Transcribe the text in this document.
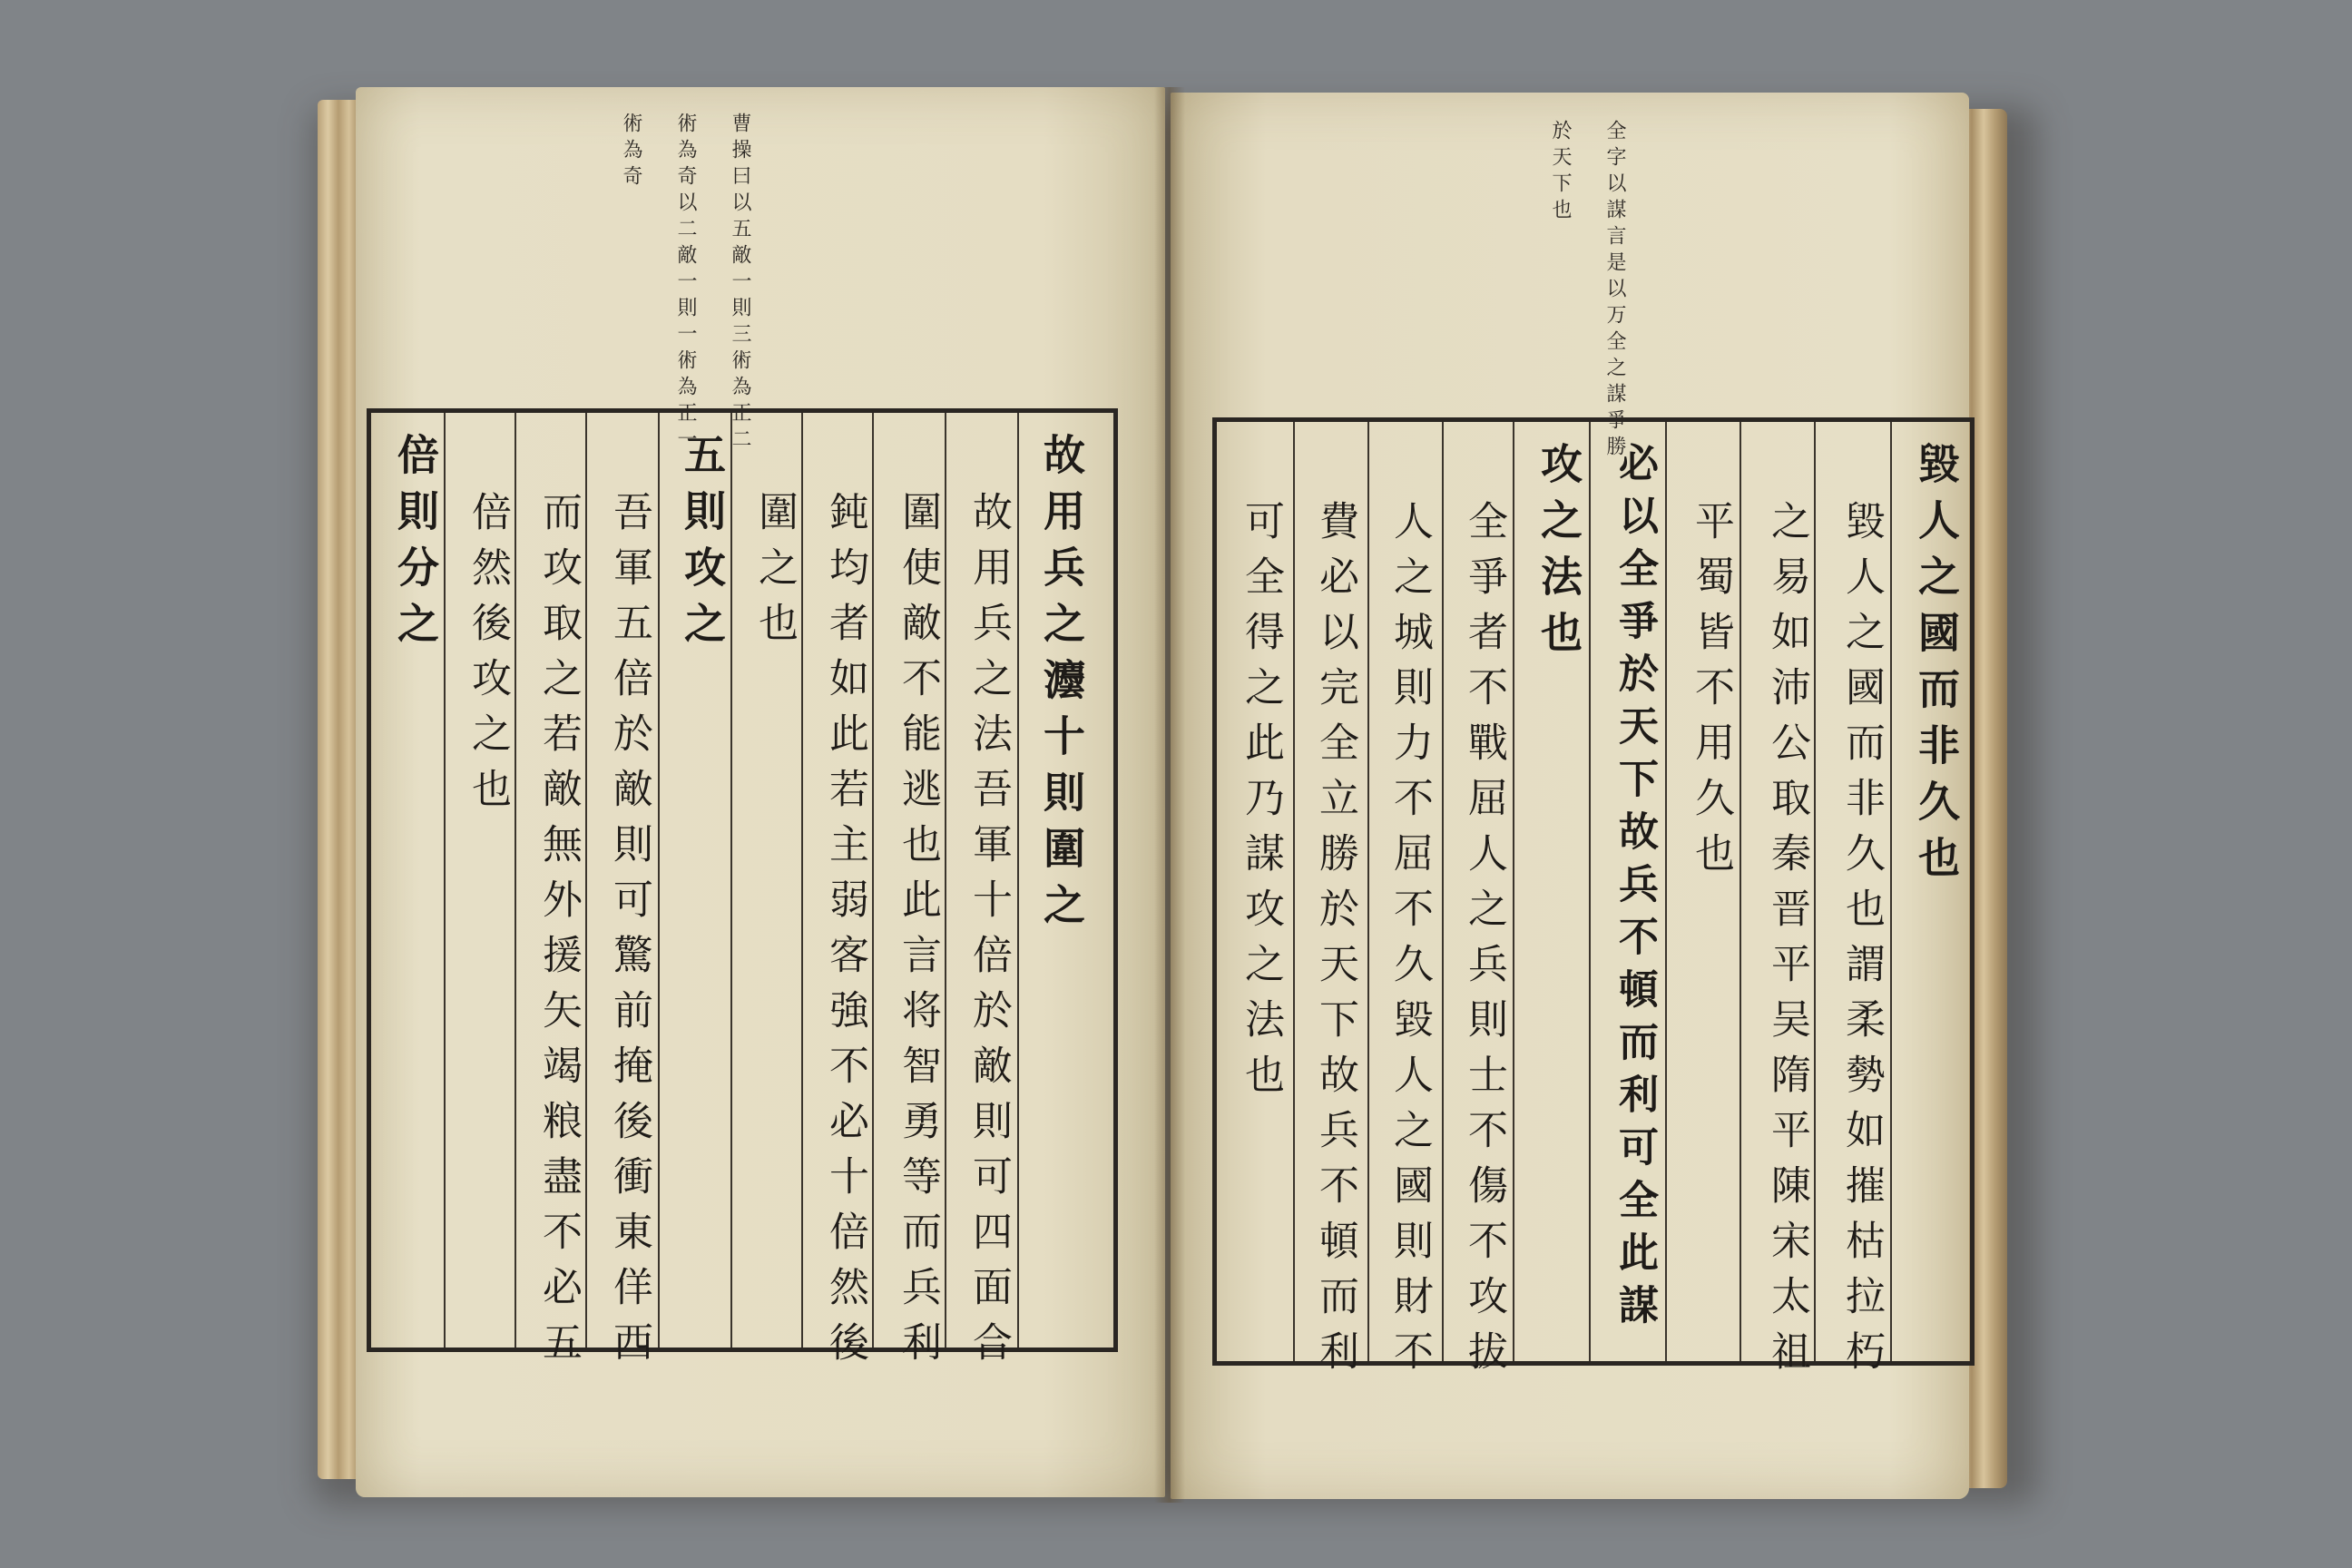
曹操曰以五敵一則三術為正二
術為奇以二敵一則一術為正一
術為奇	全字以謀言是以万全之謀爭勝
於天下也
故用兵之灋十則圍之
故用兵之法吾軍十倍於敵則可四面合
圍使敵不能逃也此言将智勇等而兵利
鈍均者如此若主弱客強不必十倍然後
圍之也
五則攻之
吾軍五倍於敵則可驚前掩後衝東佯西
而攻取之若敵無外援矢竭粮盡不必五
倍然後攻之也
倍則分之	毀人之國而非久也
毀人之國而非久也謂柔勢如摧枯拉朽
之易如沛公取秦晋平吴隋平陳宋太祖
平蜀皆不用久也
必以全爭於天下故兵不頓而利可全此謀
攻之法也
全爭者不戰屈人之兵則士不傷不攻拔
人之城則力不屈不久毀人之國則財不
費必以完全立勝於天下故兵不頓而利
可全得之此乃謀攻之法也
